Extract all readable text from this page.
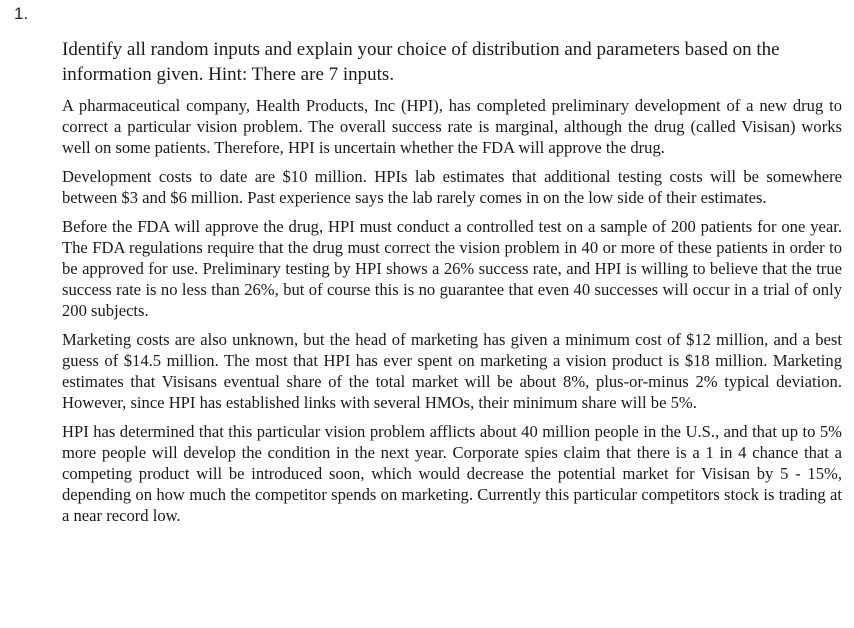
1.

Identify all random inputs and explain your choice of distribution and parameters based on the information given. Hint: There are 7 inputs.

A pharmaceutical company, Health Products, Inc (HPI), has completed preliminary development of a new drug to correct a particular vision problem. The overall success rate is marginal, although the drug (called Visisan) works well on some patients. Therefore, HPI is uncertain whether the FDA will approve the drug.

Development costs to date are $10 million. HPIs lab estimates that additional testing costs will be somewhere between $3 and $6 million. Past experience says the lab rarely comes in on the low side of their estimates.

Before the FDA will approve the drug, HPI must conduct a controlled test on a sample of 200 patients for one year. The FDA regulations require that the drug must correct the vision problem in 40 or more of these patients in order to be approved for use. Preliminary testing by HPI shows a 26% success rate, and HPI is willing to believe that the true success rate is no less than 26%, but of course this is no guarantee that even 40 successes will occur in a trial of only 200 subjects.

Marketing costs are also unknown, but the head of marketing has given a minimum cost of $12 million, and a best guess of $14.5 million. The most that HPI has ever spent on marketing a vision product is $18 million. Marketing estimates that Visisans eventual share of the total market will be about 8%, plus-or-minus 2% typical deviation. However, since HPI has established links with several HMOs, their minimum share will be 5%.

HPI has determined that this particular vision problem afflicts about 40 million people in the U.S., and that up to 5% more people will develop the condition in the next year. Corporate spies claim that there is a 1 in 4 chance that a competing product will be introduced soon, which would decrease the potential market for Visisan by 5 - 15%, depending on how much the competitor spends on marketing. Currently this particular competitors stock is trading at a near record low.
